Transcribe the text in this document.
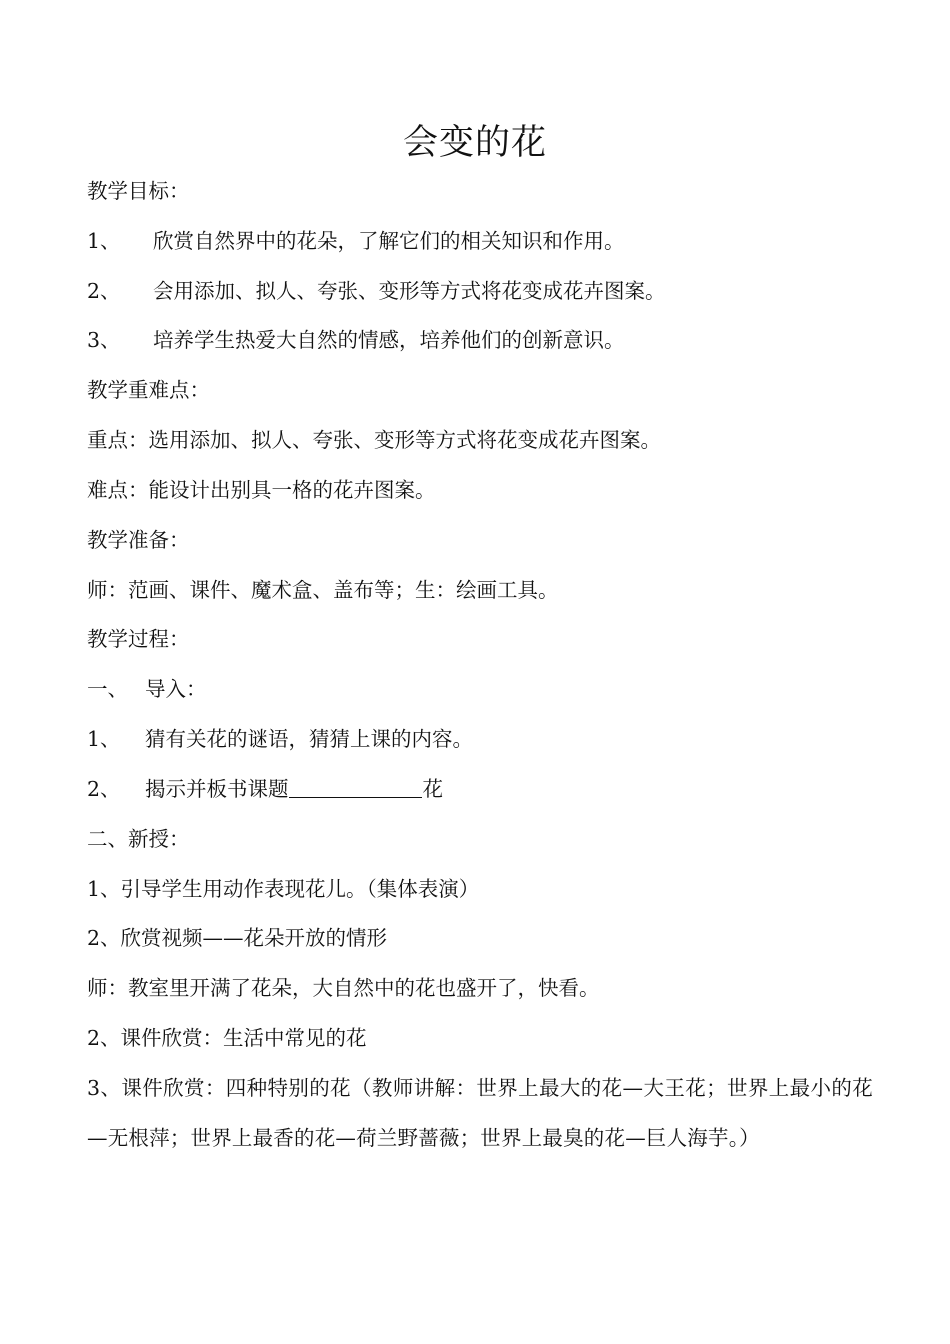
会变的花
教学目标：
1、 欣赏自然界中的花朵，了解它们的相关知识和作用。
2、 会用添加、拟人、夸张、变形等方式将花变成花卉图案。
3、 培养学生热爱大自然的情感，培养他们的创新意识。
教学重难点：
重点：选用添加、拟人、夸张、变形等方式将花变成花卉图案。
难点：能设计出别具一格的花卉图案。
教学准备：
师：范画、课件、魔术盒、盖布等；生：绘画工具。
教学过程：
一、 导入：
1、 猜有关花的谜语，猜猜上课的内容。
2、 揭示并板书课题	花
二、新授：
1、引导学生用动作表现花儿。（集体表演）
2、欣赏视频——花朵开放的情形
师：教室里开满了花朵，大自然中的花也盛开了，快看。
2、课件欣赏：生活中常见的花
3、课件欣赏：四种特别的花（教师讲解：世界上最大的花—大王花；世界上最小的花—无根萍；世界上最香的花—荷兰野蔷薇；世界上最臭的花—巨人海芋。）
